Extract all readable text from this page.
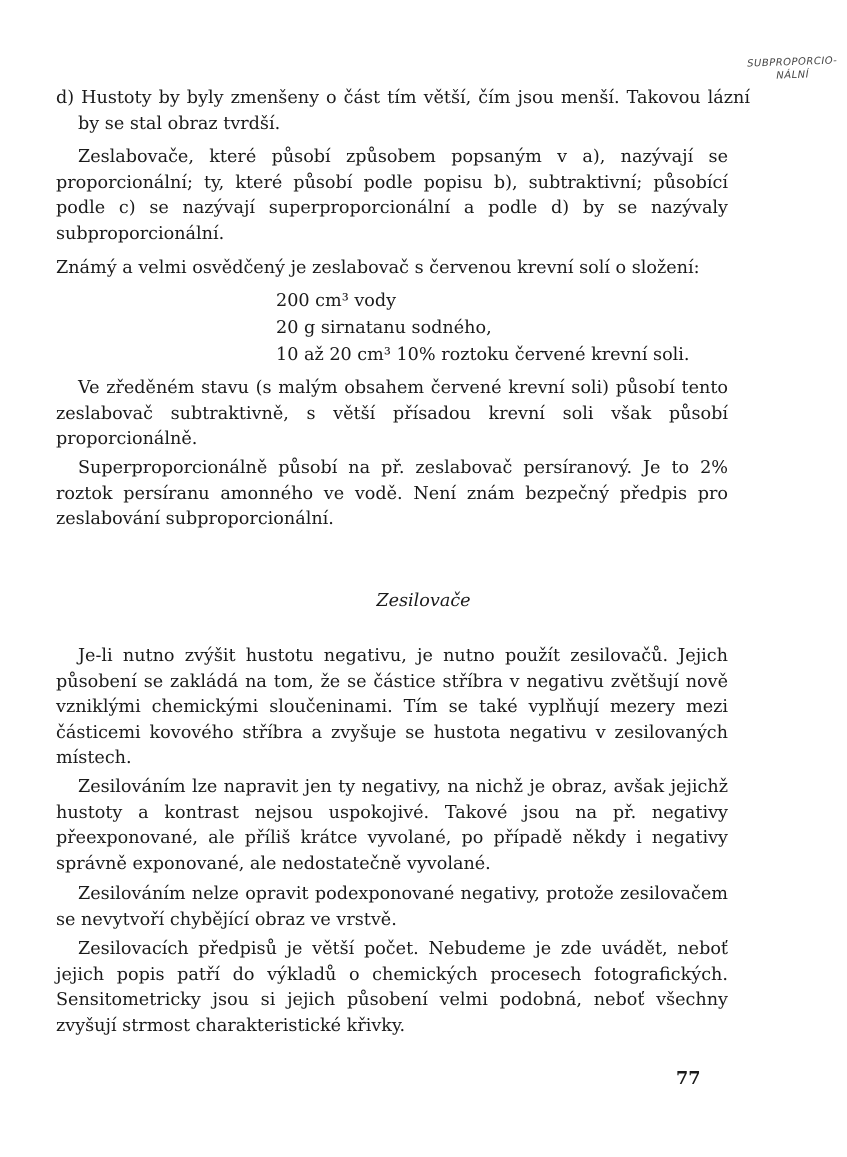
SUBPROPORCIO-NÁLNÍ

d) Hustoty by byly zmenšeny o část tím větší, čím jsou menší. Takovou lázní by se stal obraz tvrdší.

Zeslabovače, které působí způsobem popsaným v a), nazývají se proporcionální; ty, které působí podle popisu b), subtraktivní; působící podle c) se nazývají superproporcionální a podle d) by se nazývaly subproporcionální.

Známý a velmi osvědčený je zeslabovač s červenou krevní solí o složení:

200 cm³ vody
20 g sirnatanu sodného,
10 až 20 cm³ 10% roztoku červené krevní soli.

Ve zředěném stavu (s malým obsahem červené krevní soli) působí tento zeslabovač subtraktivně, s větší přísadou krevní soli však působí proporcionálně.

Superproporcionálně působí na př. zeslabovač persíranový. Je to 2% roztok persíranu amonného ve vodě. Není znám bezpečný předpis pro zeslabování subproporcionální.

Zesilovače

Je-li nutno zvýšit hustotu negativu, je nutno použít zesilovačů. Jejich působení se zakládá na tom, že se částice stříbra v negativu zvětšují nově vzniklými chemickými sloučeninami. Tím se také vyplňují mezery mezi částicemi kovového stříbra a zvyšuje se hustota negativu v zesilovaných místech.

Zesilováním lze napravit jen ty negativy, na nichž je obraz, avšak jejichž hustoty a kontrast nejsou uspokojivé. Takové jsou na př. negativy přeexponované, ale příliš krátce vyvolané, po případě někdy i negativy správně exponované, ale nedostatečně vyvolané.

Zesilováním nelze opravit podexponované negativy, protože zesilovačem se nevytvoří chybějící obraz ve vrstvě.

Zesilovacích předpisů je větší počet. Nebudeme je zde uvádět, neboť jejich popis patří do výkladů o chemických procesech fotografických. Sensitometricky jsou si jejich působení velmi podobná, neboť všechny zvyšují strmost charakteristické křivky.

77
